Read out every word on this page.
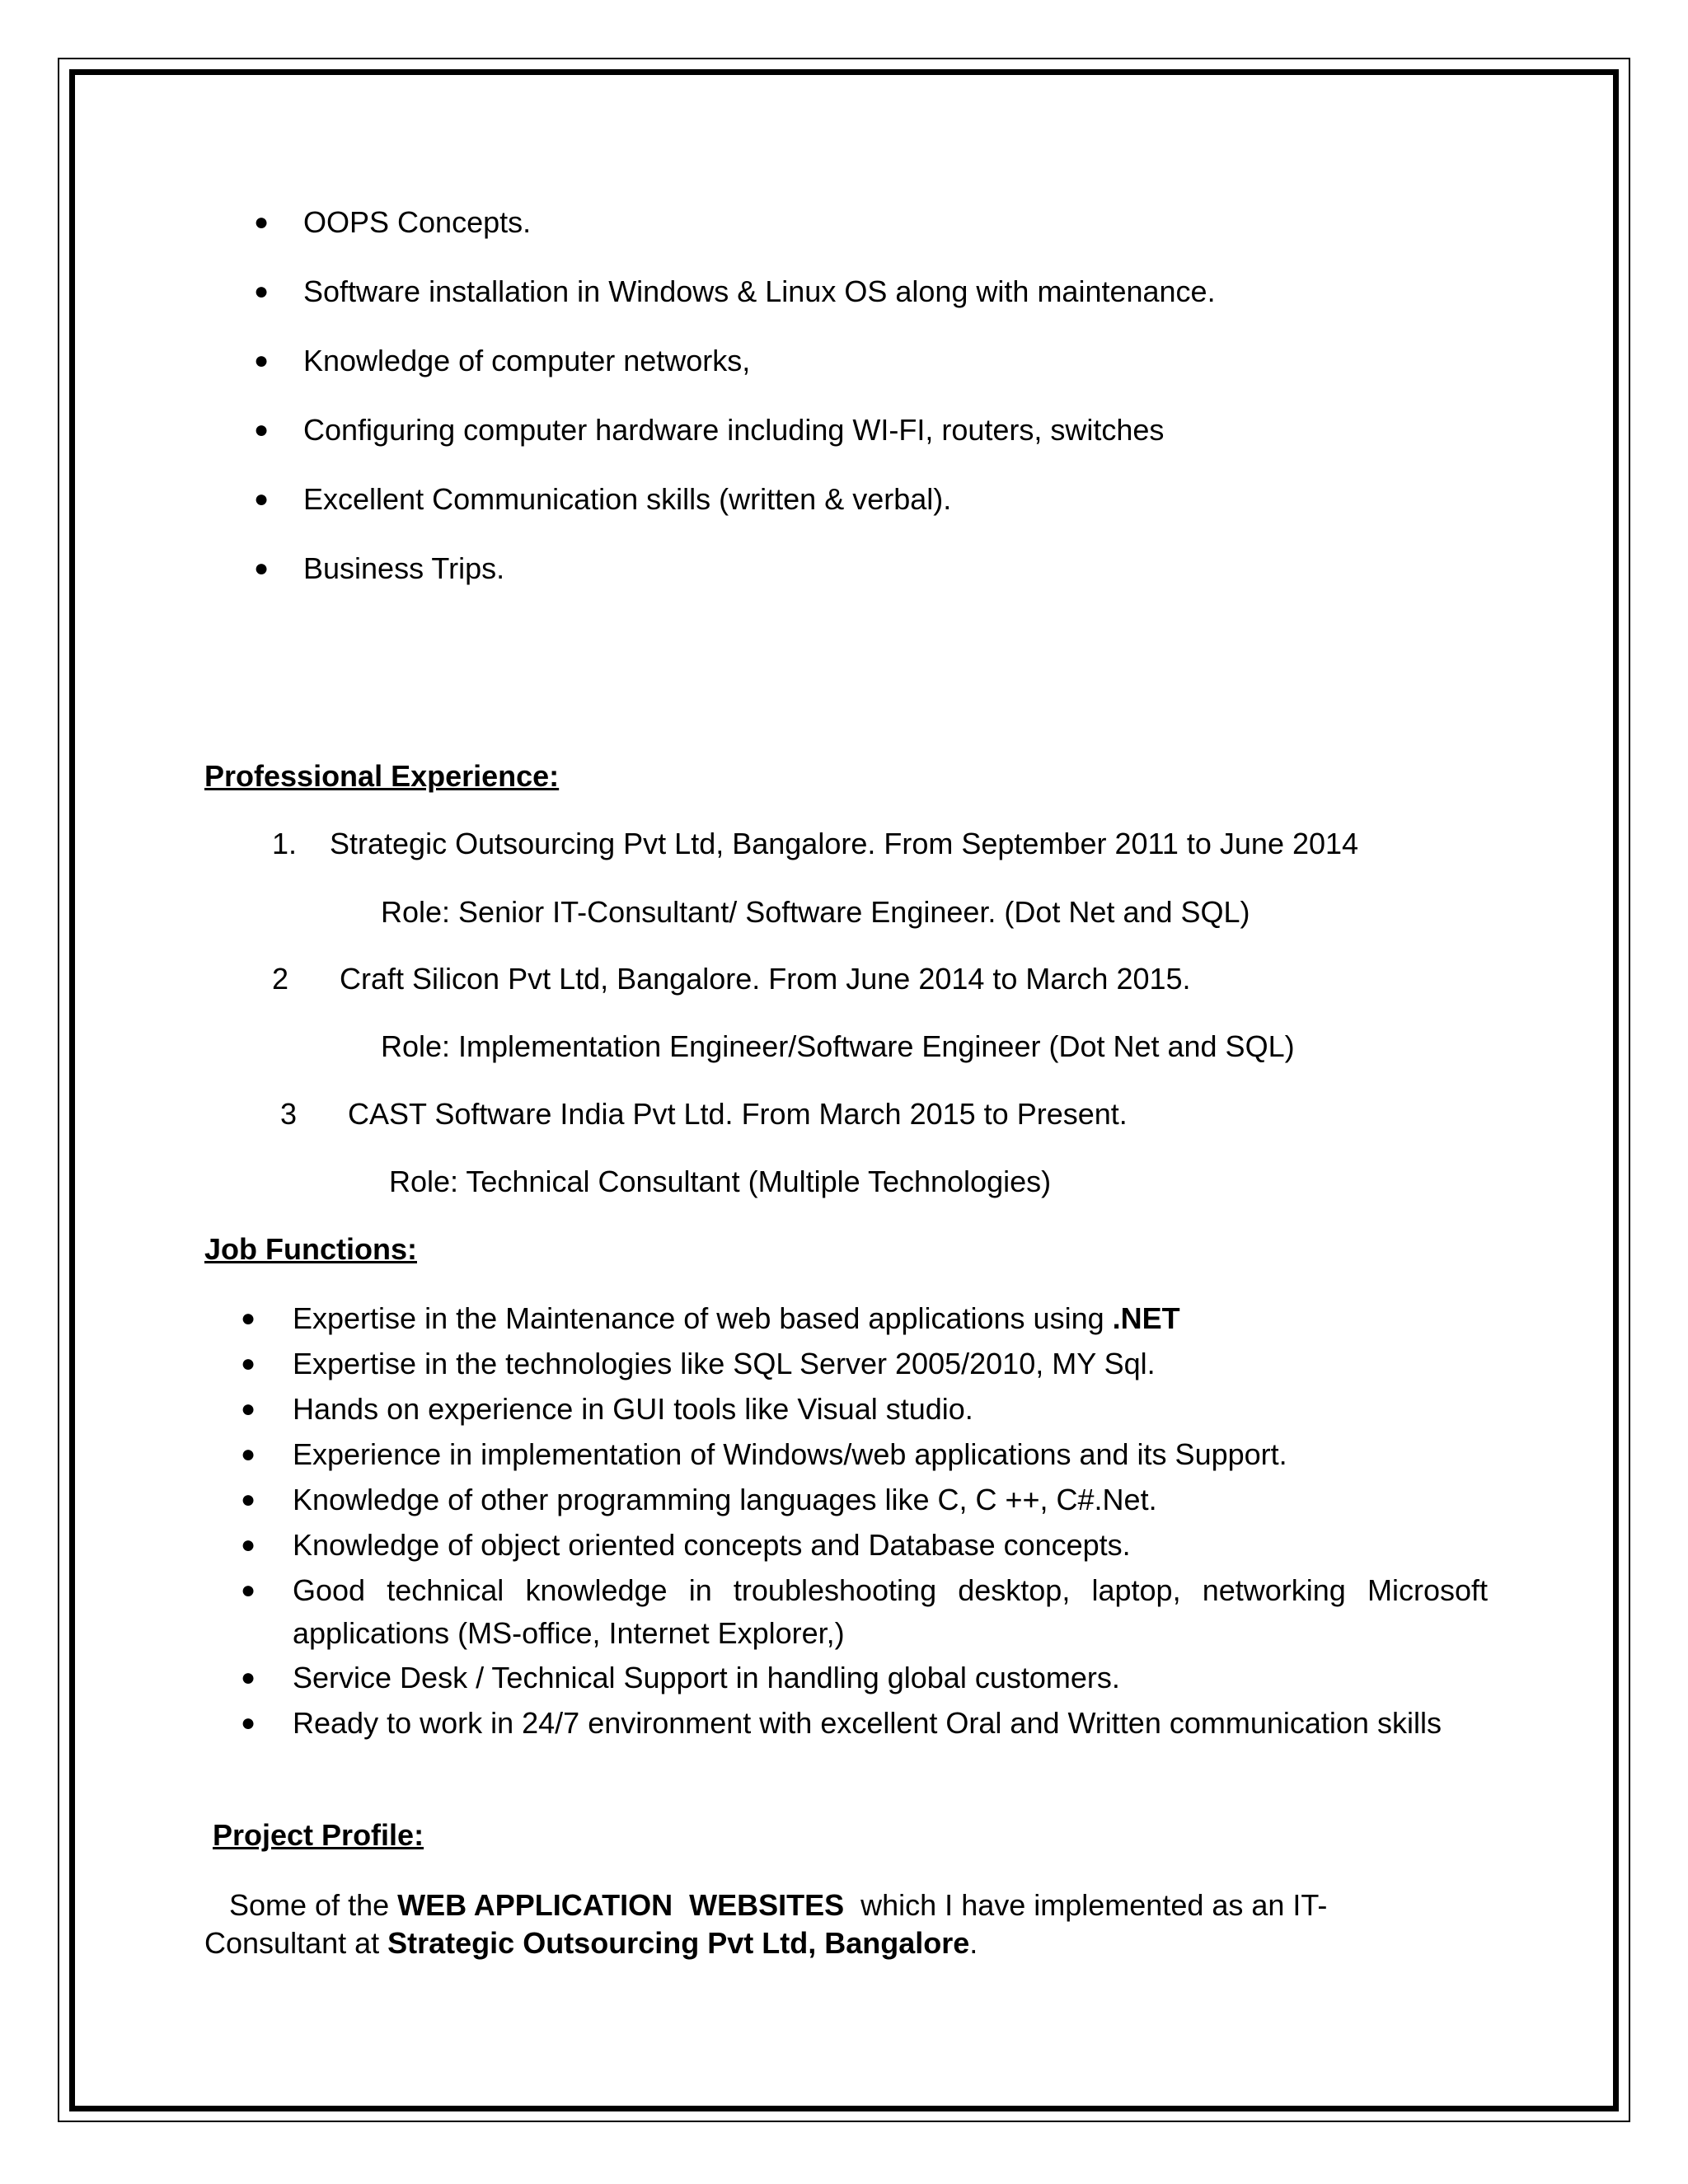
● OOPS Concepts.
● Software installation in Windows & Linux OS along with maintenance.
● Knowledge of computer networks,
● Configuring computer hardware including WI-FI, routers, switches
● Excellent Communication skills (written & verbal).
● Business Trips.
Professional Experience:
1. Strategic Outsourcing Pvt Ltd, Bangalore. From September 2011 to June 2014
Role: Senior IT-Consultant/ Software Engineer. (Dot Net and SQL)
2 Craft Silicon Pvt Ltd, Bangalore. From June 2014 to March 2015.
Role: Implementation Engineer/Software Engineer (Dot Net and SQL)
3 CAST Software India Pvt Ltd. From March 2015 to Present.
Role: Technical Consultant (Multiple Technologies)
Job Functions:
● Expertise in the Maintenance of web based applications using .NET
● Expertise in the technologies like SQL Server 2005/2010, MY Sql.
● Hands on experience in GUI tools like Visual studio.
● Experience in implementation of Windows/web applications and its Support.
● Knowledge of other programming languages like C, C ++, C#.Net.
● Knowledge of object oriented concepts and Database concepts.
● Good technical knowledge in troubleshooting desktop, laptop, networking Microsoft applications (MS-office, Internet Explorer,)
● Service Desk / Technical Support in handling global customers.
● Ready to work in 24/7 environment with excellent Oral and Written communication skills
Project Profile:
Some of the WEB APPLICATION  WEBSITES  which I have implemented as an IT-
Consultant at Strategic Outsourcing Pvt Ltd, Bangalore.
